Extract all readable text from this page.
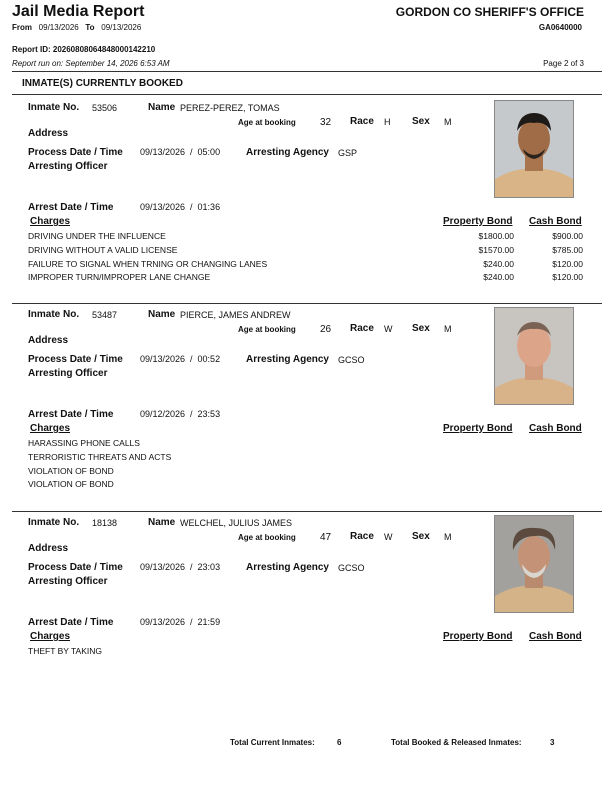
Jail Media Report
From 09/13/2026 To 09/13/2026
GORDON CO SHERIFF'S OFFICE
GA0640000
Report ID: 20260808064848000142210
Report run on: September 14, 2026 6:53 AM	Page 2 of 3
INMATE(S) CURRENTLY BOOKED
Inmate No. 53506	Name PEREZ-PEREZ, TOMAS
Age at booking 32 Race H Sex M
Address
Process Date / Time 09/13/2026  /  05:00	Arresting Agency GSP
Arresting Officer
Arrest Date / Time	09/13/2026  /  01:36
Charges	Property Bond Cash Bond
DRIVING UNDER THE INFLUENCE	$1800.00	$900.00
DRIVING WITHOUT A VALID LICENSE	$1570.00	$785.00
FAILURE TO SIGNAL WHEN TRNING OR CHANGING LANES	$240.00	$120.00
IMPROPER TURN/IMPROPER LANE CHANGE	$240.00	$120.00
Inmate No. 53487	Name PIERCE, JAMES ANDREW
Age at booking 26 Race W Sex M
Address
Process Date / Time 09/13/2026  /  00:52	Arresting Agency GCSO
Arresting Officer
Arrest Date / Time	09/12/2026  /  23:53
Charges	Property Bond Cash Bond
HARASSING PHONE CALLS
TERRORISTIC THREATS AND ACTS
VIOLATION OF BOND
VIOLATION OF BOND
Inmate No. 18138	Name WELCHEL, JULIUS JAMES
Age at booking 47 Race W Sex M
Address
Process Date / Time 09/13/2026  /  23:03	Arresting Agency GCSO
Arresting Officer
Arrest Date / Time	09/13/2026  /  21:59
Charges	Property Bond Cash Bond
THEFT BY TAKING
Total Current Inmates:	6	Total Booked & Released Inmates:	3
